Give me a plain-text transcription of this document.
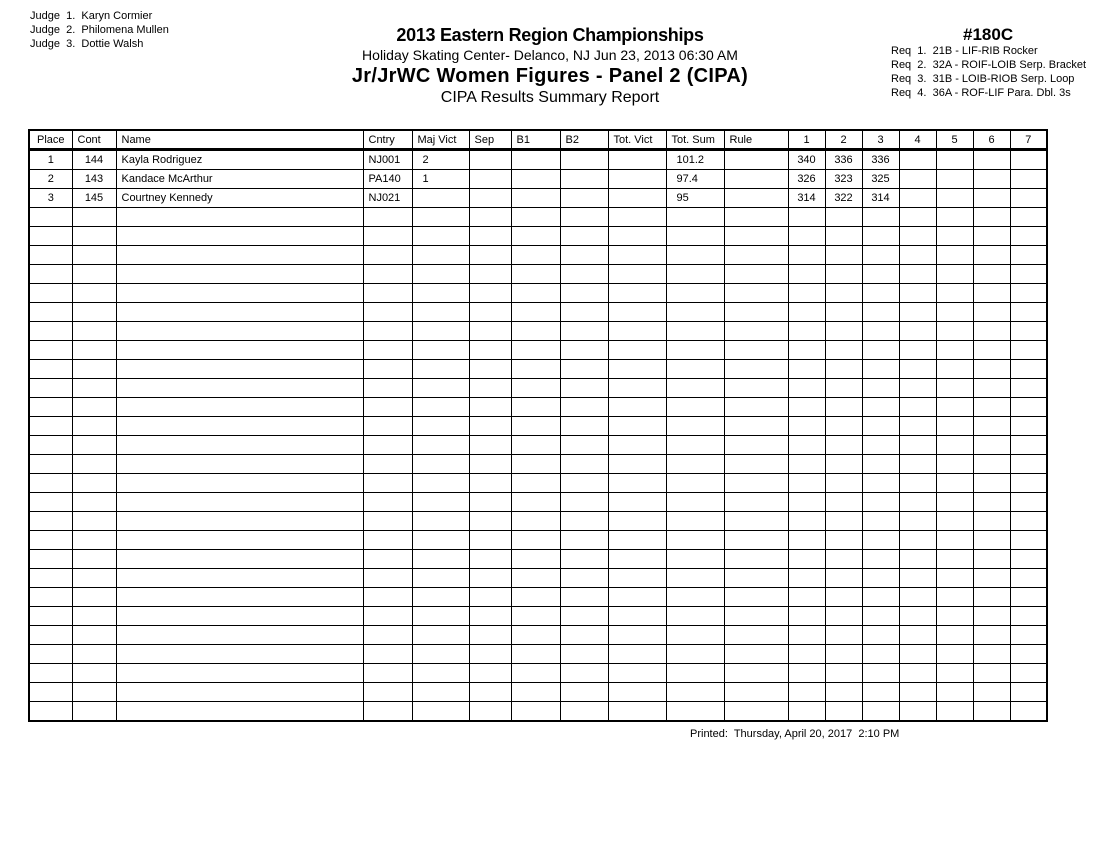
Judge  1.  Karyn Cormier
Judge  2.  Philomena Mullen
Judge  3.  Dottie Walsh	2013 Eastern Region Championships
Holiday Skating Center- Delanco, NJ Jun 23, 2013 06:30 AM
Jr/JrWC Women Figures - Panel 2 (CIPA)
CIPA Results Summary Report
#180C
Req  1.  21B - LIF-RIB Rocker
Req  2.  32A - ROIF-LOIB Serp. Bracket
Req  3.  31B - LOIB-RIOB Serp. Loop
Req  4.  36A - ROF-LIF Para. Dbl. 3s
Place	Cont	Name	Cntry	Maj Vict	Sep	B1	B2	Tot. Vict	Tot. Sum	Rule	1	2	3	4	5	6	7
1	144	Kayla Rodriguez	NJ001	2					101.2		340	336	336				
2	143	Kandace McArthur	PA140	1					97.4		326	323	325				
3	145	Courtney Kennedy	NJ021						95		314	322	314				

Printed:  Thursday, April 20, 2017  2:10 PM
